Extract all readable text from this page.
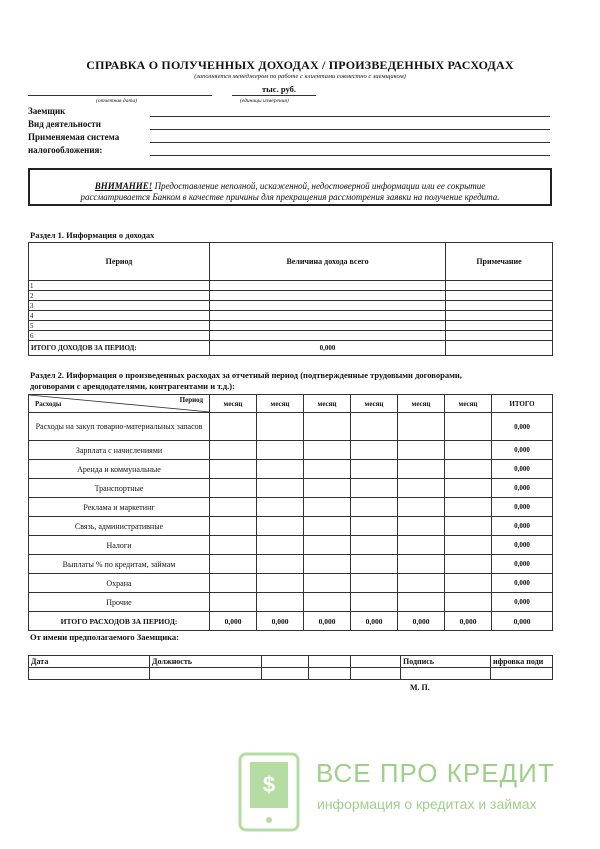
СПРАВКА О ПОЛУЧЕННЫХ ДОХОДАХ / ПРОИЗВЕДЕННЫХ РАСХОДАХ
(заполняется менеджером по работе с клиентами совместно с заемщиком)
(отчетная дата)
тыс. руб.
(единицы измерения)
Заемщик
Вид деятельности
Применяемая система
налогообложения:
ВНИМАНИЕ! Предоставление неполной, искаженной, недостоверной информации или ее сокрытие
рассматривается Банком в качестве причины для прекращения рассмотрения заявки на получение кредита.
Раздел 1. Информация о доходах
Период	Величина дохода всего	Примечание
1		
2		
3		
4		
5		
6		
ИТОГО ДОХОДОВ ЗА ПЕРИОД:	0,000	
Раздел 2. Информация о произведенных расходах за отчетный период (подтвержденные трудовыми договорами,
договорами с арендодателями, контрагентами и т.д.):
Расходы Период	месяц	месяц	месяц	месяц	месяц	месяц	ИТОГО
Расходы на закуп товарно-материальных запасов							0,000
Зарплата с начислениями							0,000
Аренда и коммунальные							0,000
Транспортные							0,000
Реклама и маркетинг							0,000
Связь, административные							0,000
Налоги							0,000
Выплаты % по кредитам, займам							0,000
Охрана							0,000
Прочие							0,000
ИТОГО РАСХОДОВ ЗА ПЕРИОД:	0,000	0,000	0,000	0,000	0,000	0,000	0,000
От имени предполагаемого Заемщика:
Дата	Должность				Подпись	ифровка поди

М. П.
$ ВСЕ ПРО КРЕДИТ
информация о кредитах и займах
